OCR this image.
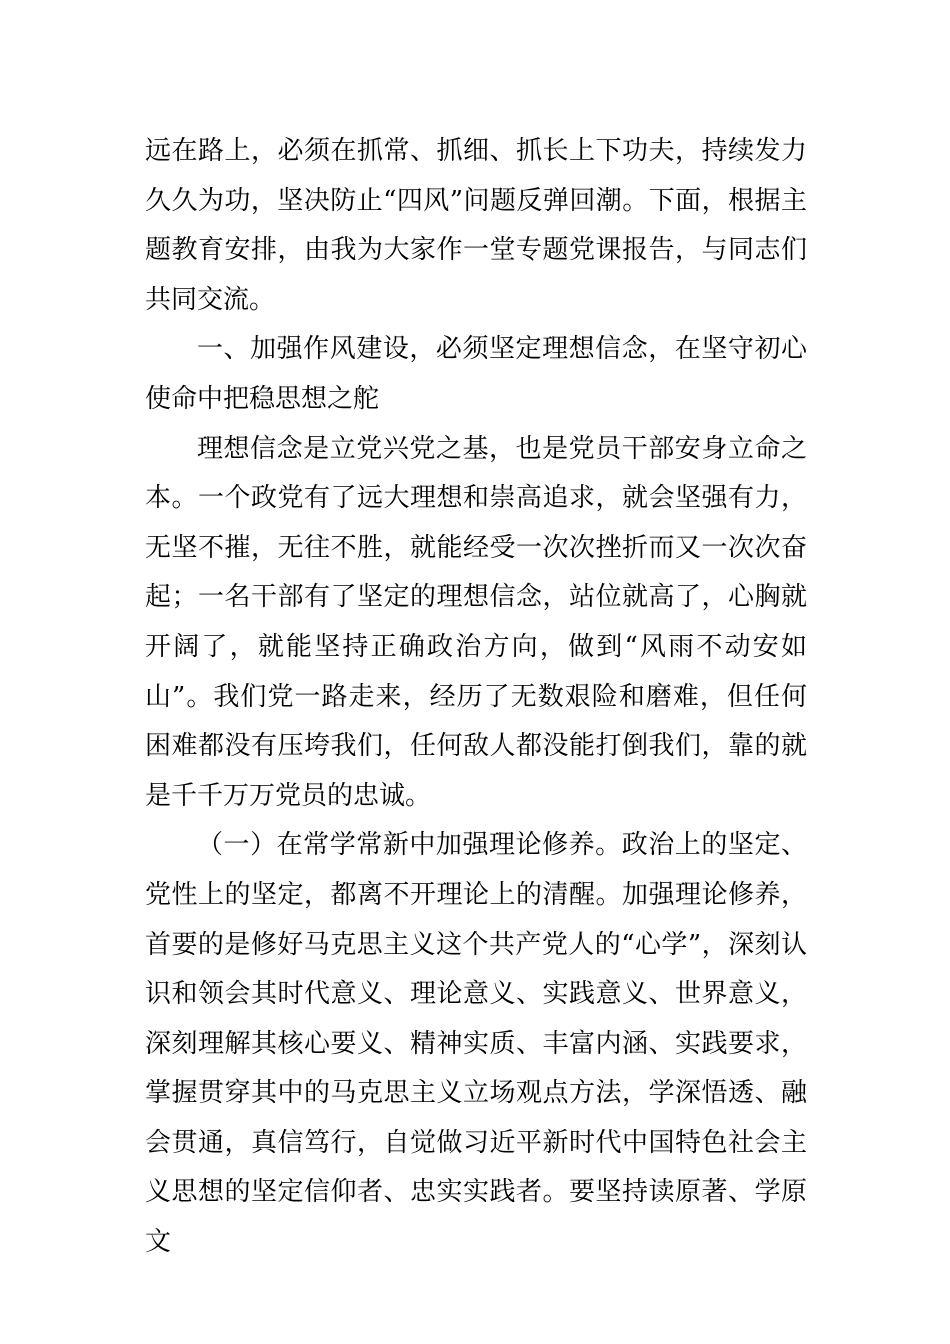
远在路上，必须在抓常、抓细、抓长上下功夫，持续发力久久为功，坚决防止“四风”问题反弹回潮。下面，根据主题教育安排，由我为大家作一堂专题党课报告，与同志们共同交流。

一、加强作风建设，必须坚定理想信念，在坚守初心使命中把稳思想之舵

理想信念是立党兴党之基，也是党员干部安身立命之本。一个政党有了远大理想和崇高追求，就会坚强有力，无坚不摧，无往不胜，就能经受一次次挫折而又一次次奋起；一名干部有了坚定的理想信念，站位就高了，心胸就开阔了，就能坚持正确政治方向，做到“风雨不动安如山”。我们党一路走来，经历了无数艰险和磨难，但任何困难都没有压垮我们，任何敌人都没能打倒我们，靠的就是千千万万党员的忠诚。

（一）在常学常新中加强理论修养。政治上的坚定、党性上的坚定，都离不开理论上的清醒。加强理论修养，首要的是修好马克思主义这个共产党人的“心学”，深刻认识和领会其时代意义、理论意义、实践意义、世界意义，深刻理解其核心要义、精神实质、丰富内涵、实践要求，掌握贯穿其中的马克思主义立场观点方法，学深悟透、融会贯通，真信笃行，自觉做习近平新时代中国特色社会主义思想的坚定信仰者、忠实实践者。要坚持读原著、学原文
